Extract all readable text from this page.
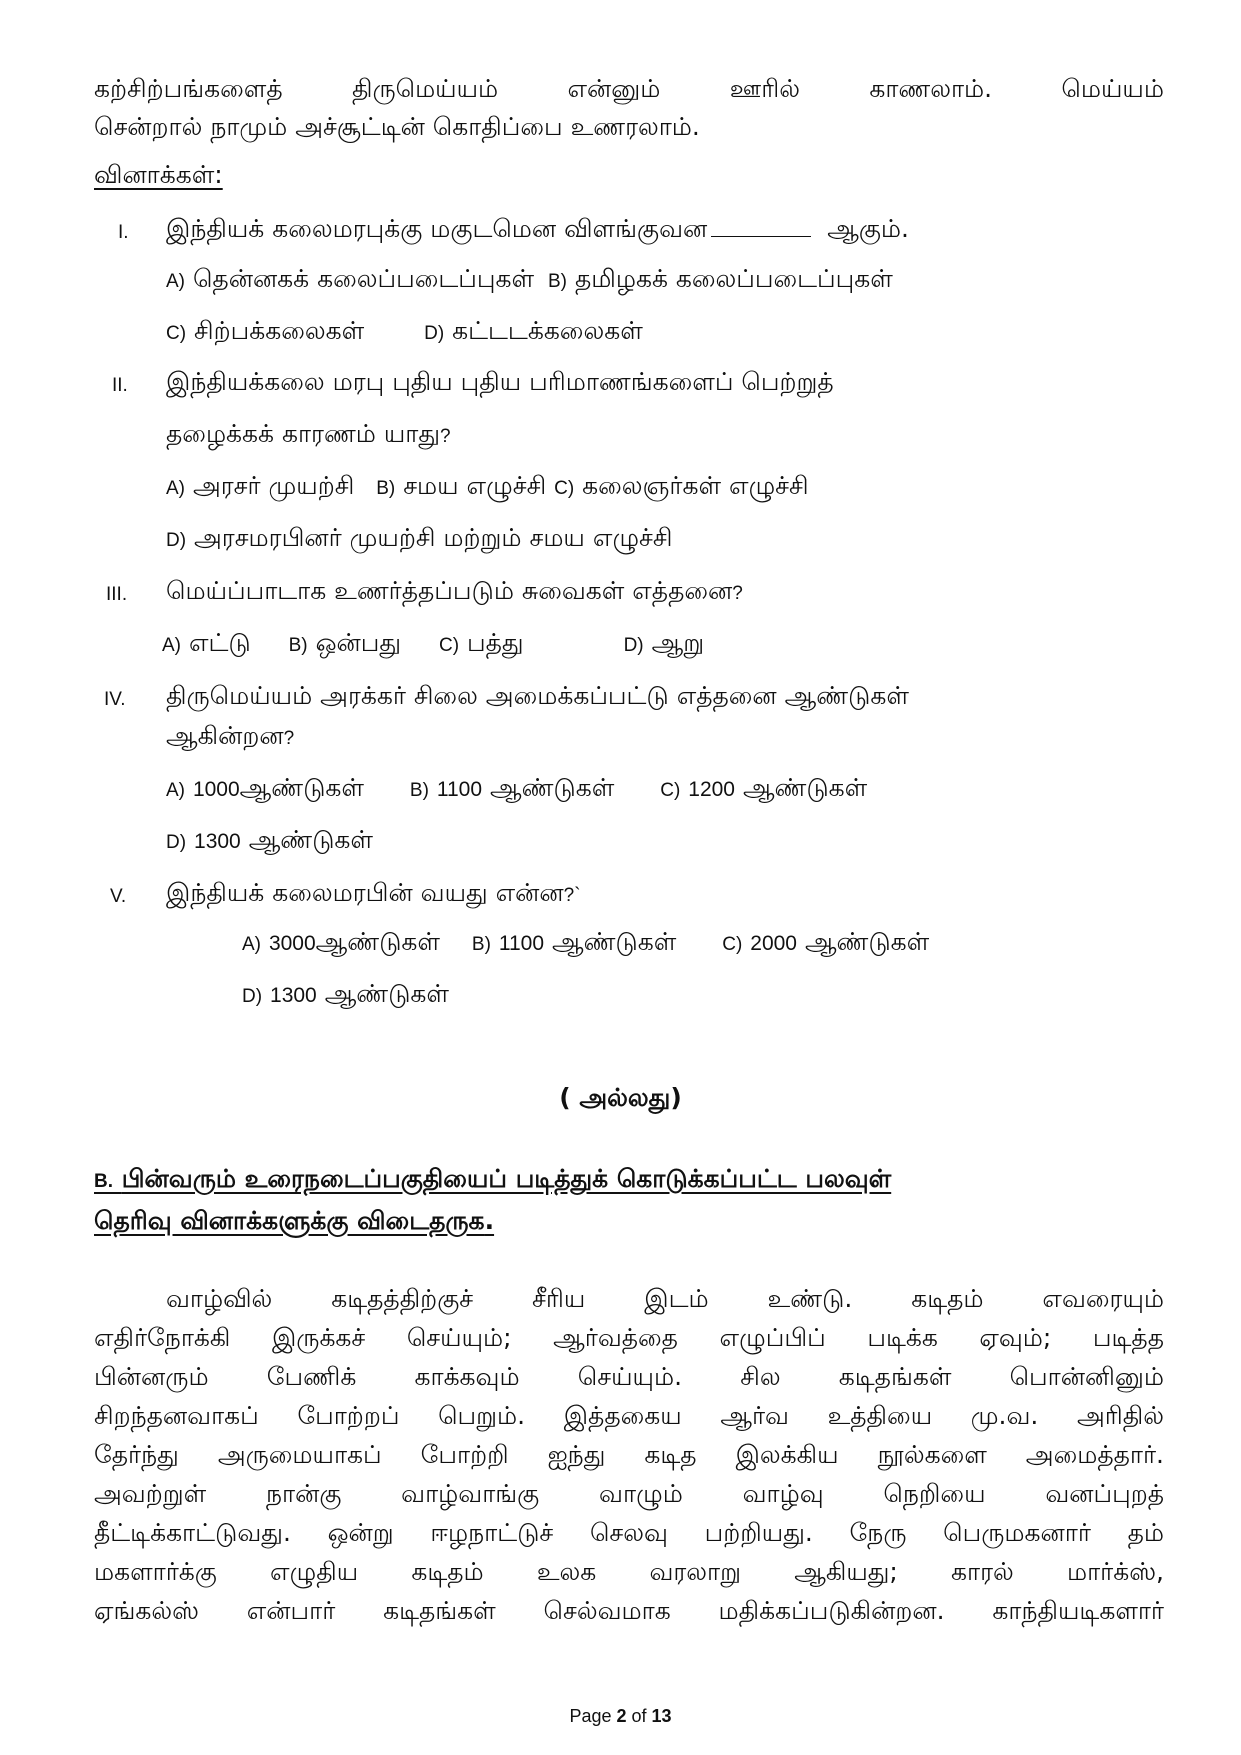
கற்சிற்பங்களைத் திருமெய்யம் என்னும் ஊரில் காணலாம். மெய்யம்
சென்றால் நாமும் அச்சூட்டின் கொதிப்பை உணரலாம்.
வினாக்கள்:
I. இந்தியக் கலைமரபுக்கு மகுடமென விளங்குவன	ஆகும்.
A) தென்னகக் கலைப்படைப்புகள் B) தமிழகக் கலைப்படைப்புகள்
C) சிற்பக்கலைகள்	D) கட்டடக்கலைகள்
II. இந்தியக்கலை மரபு புதிய புதிய பரிமாணங்களைப் பெற்றுத்
தழைக்கக் காரணம் யாது?
A) அரசர் முயற்சி B) சமய எழுச்சி C) கலைஞர்கள் எழுச்சி
D) அரசமரபினர் முயற்சி மற்றும் சமய எழுச்சி
III. மெய்ப்பாடாக உணர்த்தப்படும் சுவைகள் எத்தனை?
A) எட்டு B) ஒன்பது C) பத்து	D) ஆறு
IV. திருமெய்யம் அரக்கர் சிலை அமைக்கப்பட்டு எத்தனை ஆண்டுகள்
ஆகின்றன?
A) 1000ஆண்டுகள் B) 1100 ஆண்டுகள் C) 1200 ஆண்டுகள்
D) 1300 ஆண்டுகள்
V. இந்தியக் கலைமரபின் வயது என்ன?`
A) 3000ஆண்டுகள் B) 1100 ஆண்டுகள் C) 2000 ஆண்டுகள்
D) 1300 ஆண்டுகள்
( அல்லது)
B. பின்வரும் உரைநடைப்பகுதியைப் படித்துக் கொடுக்கப்பட்ட பலவுள்
தெரிவு வினாக்களுக்கு விடைதருக.
வாழ்வில் கடிதத்திற்குச் சீரிய இடம் உண்டு. கடிதம் எவரையும்
எதிர்நோக்கி இருக்கச் செய்யும்; ஆர்வத்தை எழுப்பிப் படிக்க ஏவும்; படித்த
பின்னரும் பேணிக் காக்கவும் செய்யும். சில கடிதங்கள் பொன்னினும்
சிறந்தனவாகப் போற்றப் பெறும். இத்தகைய ஆர்வ உத்தியை மு.வ. அரிதில்
தேர்ந்து அருமையாகப் போற்றி ஐந்து கடித இலக்கிய நூல்களை அமைத்தார்.
அவற்றுள் நான்கு வாழ்வாங்கு வாழும் வாழ்வு நெறியை வனப்புறத்
தீட்டிக்காட்டுவது. ஒன்று ஈழநாட்டுச் செலவு பற்றியது. நேரு பெருமகனார் தம்
மகளார்க்கு எழுதிய கடிதம் உலக வரலாறு ஆகியது; காரல் மார்க்ஸ்,
ஏங்கல்ஸ் என்பார் கடிதங்கள் செல்வமாக மதிக்கப்படுகின்றன. காந்தியடிகளார்
Page 2 of 13
